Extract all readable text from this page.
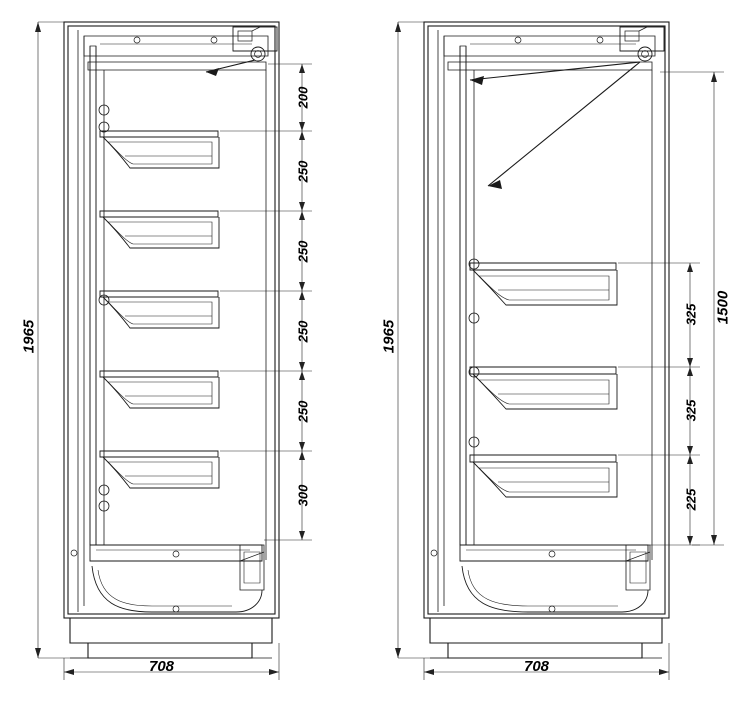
1965
200
250
250
250
250
300
708
1965
325
325
225
1500
708
